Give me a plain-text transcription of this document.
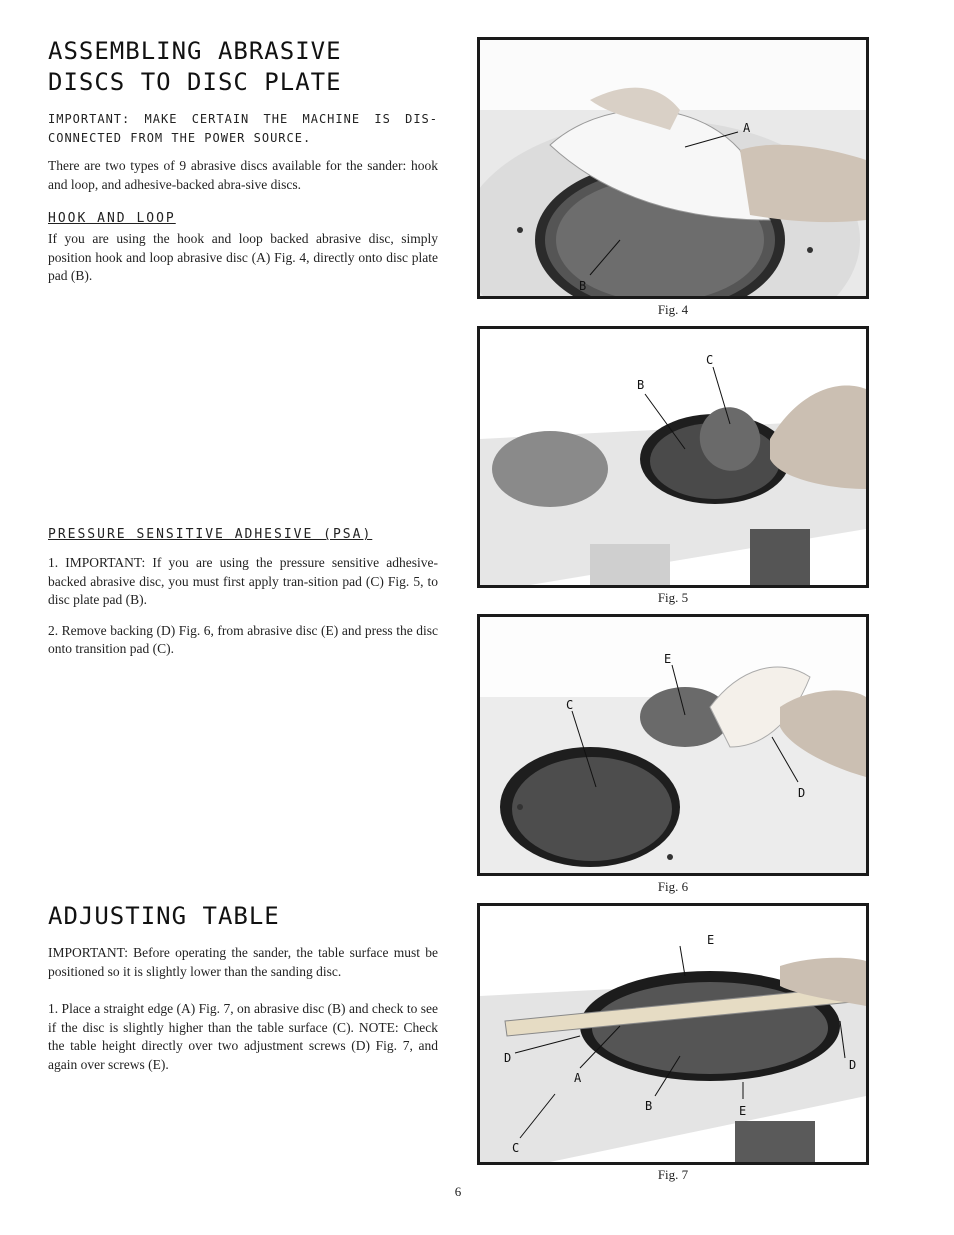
ASSEMBLING ABRASIVE
DISCS TO DISC PLATE

IMPORTANT: MAKE CERTAIN THE MACHINE IS DIS-CONNECTED FROM THE POWER SOURCE.

There are two types of 9 abrasive discs available for the sander: hook and loop, and adhesive-backed abra-sive discs.

HOOK AND LOOP

If you are using the hook and loop backed abrasive disc, simply position hook and loop abrasive disc (A) Fig. 4, directly onto disc plate pad (B).

PRESSURE SENSITIVE ADHESIVE (PSA)

1. IMPORTANT: If you are using the pressure sensitive adhesive-backed abrasive disc, you must first apply tran-sition pad (C) Fig. 5, to disc plate pad (B).

2. Remove backing (D) Fig. 6, from abrasive disc (E) and press the disc onto transition pad (C).

ADJUSTING TABLE

IMPORTANT: Before operating the sander, the table surface must be positioned so it is slightly lower than the sanding disc.

1. Place a straight edge (A) Fig. 7, on abrasive disc (B) and check to see if the disc is slightly higher than the table surface (C). NOTE: Check the table height directly over two adjustment screws (D) Fig. 7, and again over screws (E).

A
B
Fig. 4
B
C
Fig. 5
E
C
D
Fig. 6
E
D	D
A
B	E
C
Fig. 7
6
